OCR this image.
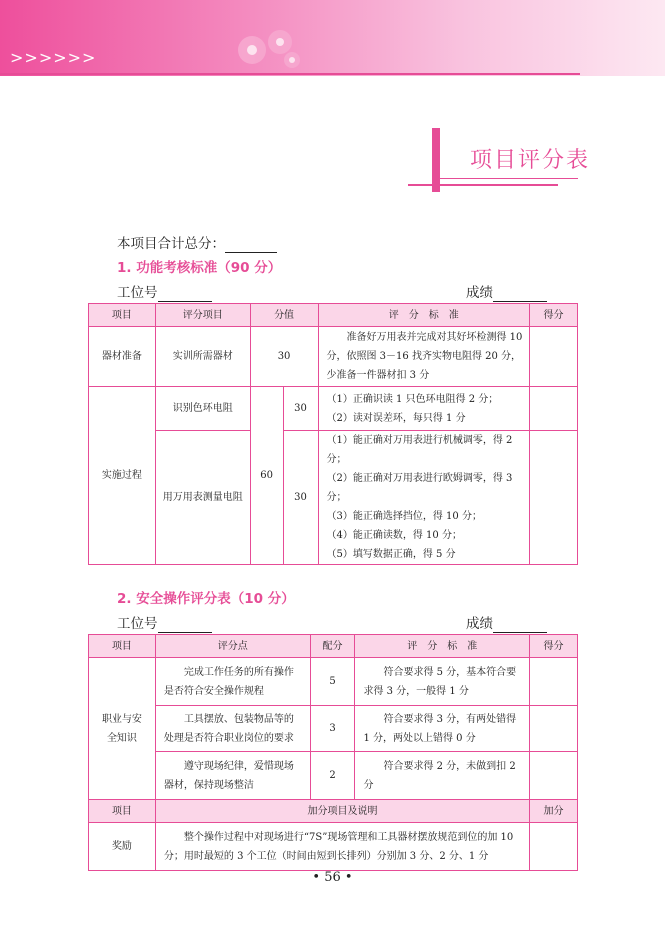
>>>>>>
项目评分表
本项目合计总分：
1. 功能考核标准（90 分）
工位号	成绩
项目	评分项目	分值		评　分　标　准	得分
器材准备	实训所需器材	30		准备好万用表并完成对其好坏检测得 10 分，依照图 3－16 找齐实物电阻得 20 分，少准备一件器材扣 3 分	
实施过程	识别色环电阻	60	30	（1）正确识读 1 只色环电阻得 2 分；
（2）读对误差环，每只得 1 分	

	用万用表测量电阻		30	（1）能正确对万用表进行机械调零，得 2 分；
（2）能正确对万用表进行欧姆调零，得 3 分；
（3）能正确选择挡位，得 10 分；
（4）能正确读数，得 10 分；
（5）填写数据正确，得 5 分	

2. 安全操作评分表（10 分）
工位号	成绩
项目	评分点	配分	评　分　标　准	得分
职业与安全知识	完成工作任务的所有操作是否符合安全操作规程	5	符合要求得 5 分，基本符合要求得 3 分，一般得 1 分	
	工具摆放、包装物品等的处理是否符合职业岗位的要求	3	符合要求得 3 分，有两处错得 1 分，两处以上错得 0 分	
	遵守现场纪律，爱惜现场器材，保持现场整洁	2	符合要求得 2 分，未做到扣 2 分	
项目	加分项目及说明			加分
奖励	整个操作过程中对现场进行“7S”现场管理和工具器材摆放规范到位的加 10 分；用时最短的 3 个工位（时间由短到长排列）分别加 3 分、2 分、1 分			
• 56 •
